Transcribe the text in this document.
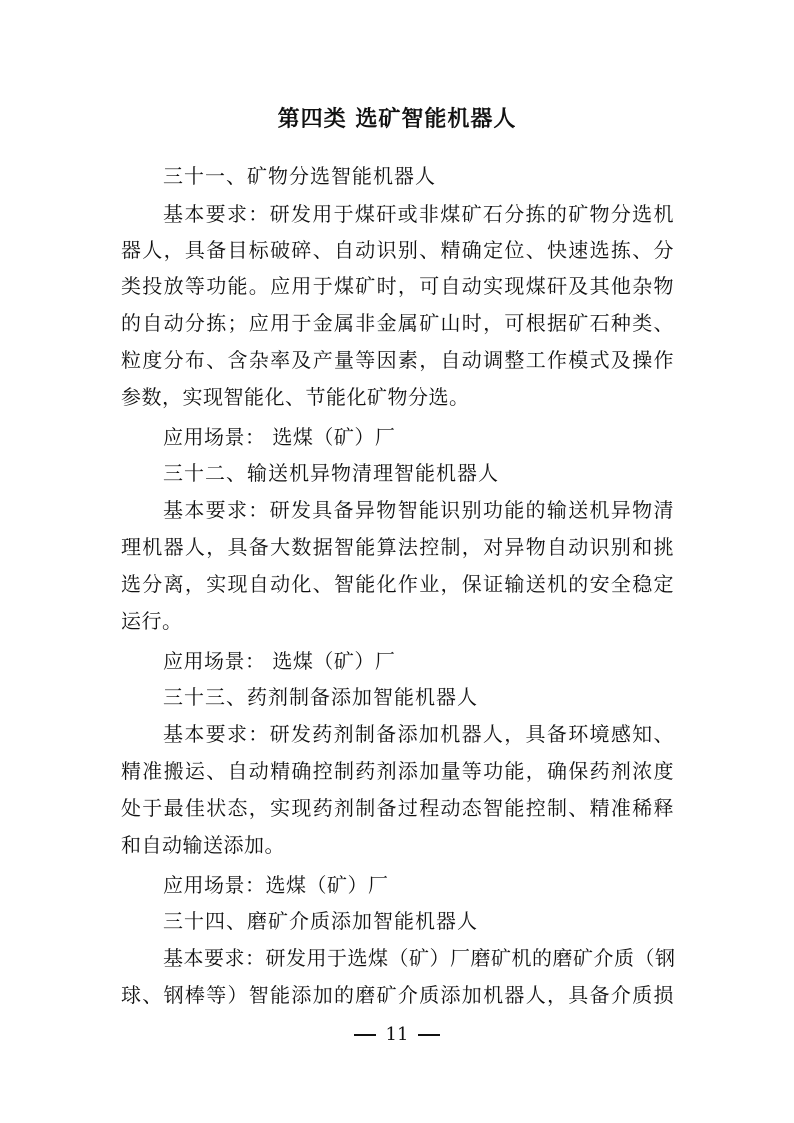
第四类 选矿智能机器人
三十一、矿物分选智能机器人
基本要求：研发用于煤矸或非煤矿石分拣的矿物分选机
器人，具备目标破碎、自动识别、精确定位、快速选拣、分
类投放等功能。应用于煤矿时，可自动实现煤矸及其他杂物
的自动分拣；应用于金属非金属矿山时，可根据矿石种类、
粒度分布、含杂率及产量等因素，自动调整工作模式及操作
参数，实现智能化、节能化矿物分选。
应用场景： 选煤（矿）厂
三十二、输送机异物清理智能机器人
基本要求：研发具备异物智能识别功能的输送机异物清
理机器人，具备大数据智能算法控制，对异物自动识别和挑
选分离，实现自动化、智能化作业，保证输送机的安全稳定
运行。
应用场景： 选煤（矿）厂
三十三、药剂制备添加智能机器人
基本要求：研发药剂制备添加机器人，具备环境感知、
精准搬运、自动精确控制药剂添加量等功能，确保药剂浓度
处于最佳状态，实现药剂制备过程动态智能控制、精准稀释
和自动输送添加。
应用场景：选煤（矿）厂
三十四、磨矿介质添加智能机器人
基本要求：研发用于选煤（矿）厂磨矿机的磨矿介质（钢
球、钢棒等）智能添加的磨矿介质添加机器人，具备介质损
11
